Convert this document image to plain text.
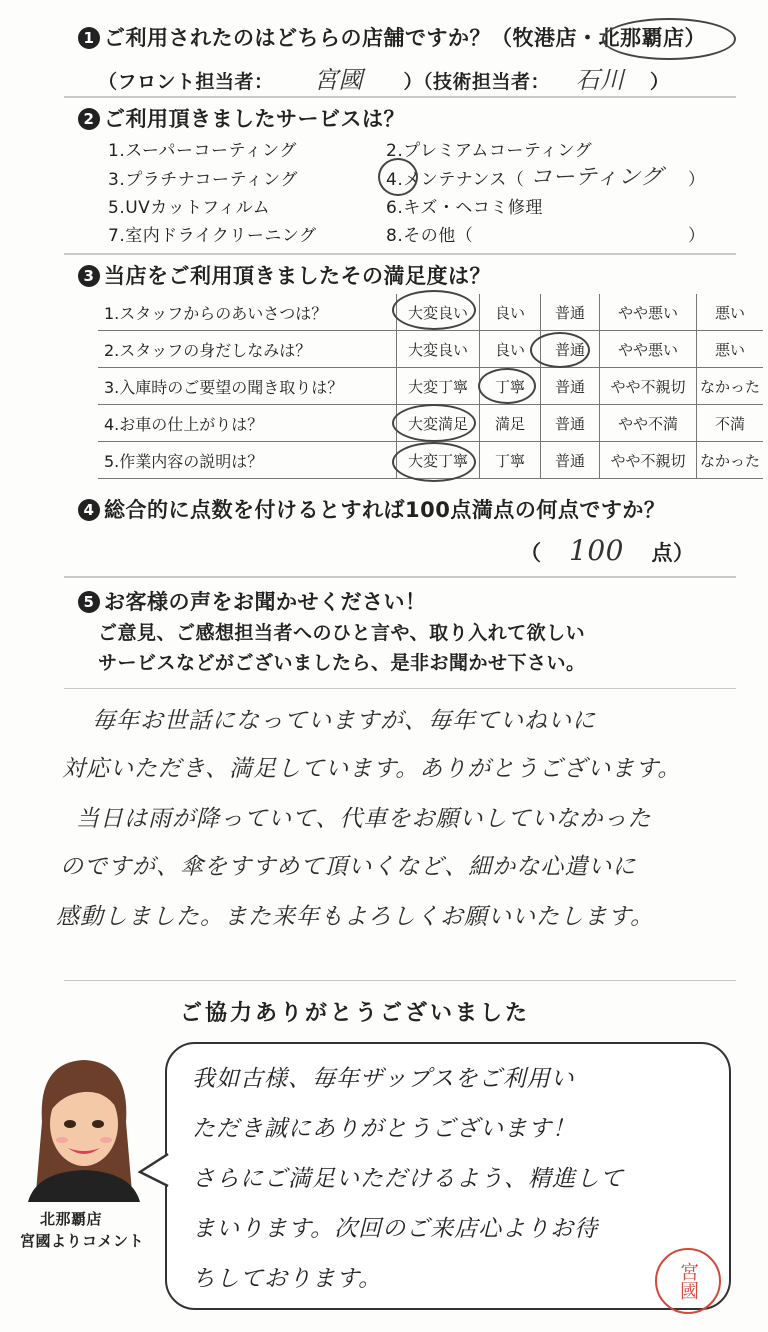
1 ご利用されたのはどちらの店舗ですか？（牧港店・北那覇店）
（フロント担当者： 宮國 ）（技術担当者： 石川 ）
2 ご利用頂きましたサービスは？
1.スーパーコーティング	2.プレミアムコーティング
3.プラチナコーティング	4.メンテナンス（ コーティング ）
5.UVカットフィルム	6.キズ・ヘコミ修理
7.室内ドライクリーニング	8.その他（	）
3 当店をご利用頂きましたその満足度は？
1.スタッフからのあいさつは？	大変良い	良い	普通	やや悪い	悪い
2.スタッフの身だしなみは？	大変良い	良い	普通	やや悪い	悪い
3.入庫時のご要望の聞き取りは？	大変丁寧	丁寧	普通	やや不親切	なかった
4.お車の仕上がりは？	大変満足	満足	普通	やや不満	不満
5.作業内容の説明は？	大変丁寧	丁寧	普通	やや不親切	なかった
4 総合的に点数を付けるとすれば100点満点の何点ですか？
（ 100 点）
5 お客様の声をお聞かせください！
ご意見、ご感想担当者へのひと言や、取り入れて欲しい
サービスなどがございましたら、是非お聞かせ下さい。
毎年お世話になっていますが、毎年ていねいに
対応いただき、満足しています。ありがとうございます。
当日は雨が降っていて、代車をお願いしていなかった
のですが、傘をすすめて頂いくなど、細かな心遣いに
感動しました。また来年もよろしくお願いいたします。
ご協力ありがとうございました
北那覇店
宮國よりコメント
我如古様、毎年ザップスをご利用い
ただき誠にありがとうございます！
さらにご満足いただけるよう、精進して
まいります。次回のご来店心よりお待
ちしております。	宮國
